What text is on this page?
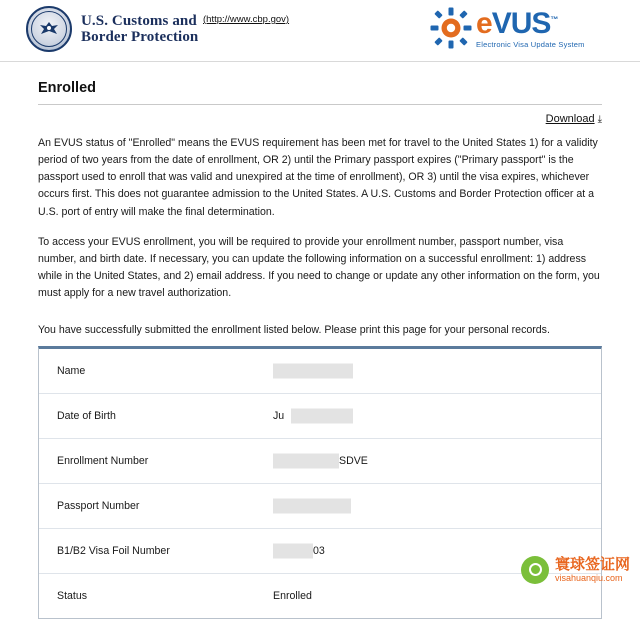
U.S. Customs and
Border Protection
(http://www.cbp.gov)	eVUS™
Electronic Visa Update System
Enrolled
Download ⤓

An EVUS status of "Enrolled" means the EVUS requirement has been met for travel to the United States 1) for a validity period of two years from the date of enrollment, OR 2) until the Primary passport expires ("Primary passport" is the passport used to enroll that was valid and unexpired at the time of enrollment), OR 3) until the visa expires, whichever occurs first. This does not guarantee admission to the United States. A U.S. Customs and Border Protection officer at a U.S. port of entry will make the final determination.

To access your EVUS enrollment, you will be required to provide your enrollment number, passport number, visa number, and birth date. If necessary, you can update the following information on a successful enrollment: 1) address while in the United States, and 2) email address. If you need to change or update any other information on the form, you must apply for a new travel authorization.

You have successfully submitted the enrollment listed below. Please print this page for your personal records.
Name
Date of Birth	Ju
Enrollment Number	SDVE
Passport Number
B1/B2 Visa Foil Number	03
Status	Enrolled
寰球签证网
visahuanqiu.com
